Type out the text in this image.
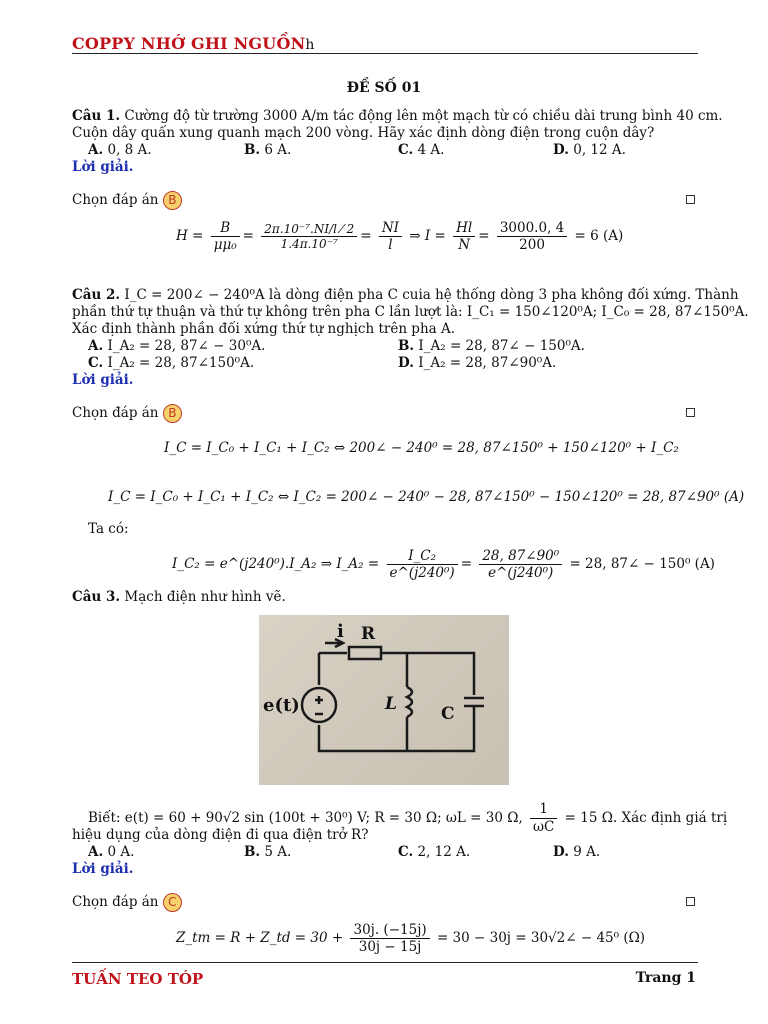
COPPY NHỚ GHI NGUỒNh
ĐỀ SỐ 01
Câu 1. Cường độ từ trường 3000 A/m tác động lên một mạch từ có chiều dài trung bình 40 cm.
Cuộn dây quấn xung quanh mạch 200 vòng. Hãy xác định dòng điện trong cuộn dây?
A. 0, 8 A.	B. 6 A.	C. 4 A.	D. 0, 12 A.
Lời giải.
Chọn đáp án B
$H = \frac{B}{\text{μμ₀}} = \frac{\text{2π.10⁻⁷.NI/l ⁄ 2}}{\text{1.4π.10⁻⁷}} = \frac{NI}{l}$ ⇒ $I = \frac{Hl}{N} = \frac{3000.0, 4}{200} = 6$ (A)
Câu 2. I_C = 200∠ − 240⁰A là dòng điện pha C cuia hệ thống dòng 3 pha không đối xứng. Thành
phần thứ tự thuận và thứ tự không trên pha C lần lượt là: I_C₁ = 150∠120⁰A; I_C₀ = 28, 87∠150⁰A.
Xác định thành phần đối xứng thứ tự nghịch trên pha A.
A. I_A₂ = 28, 87∠ − 30⁰A.	B. I_A₂ = 28, 87∠ − 150⁰A.
C. I_A₂ = 28, 87∠150⁰A.	D. I_A₂ = 28, 87∠90⁰A.
Lời giải.
Chọn đáp án B
I_C = I_C₀ + I_C₁ + I_C₂ ⇔ 200∠ − 240⁰ = 28, 87∠150⁰ + 150∠120⁰ + I_C₂
I_C = I_C₀ + I_C₁ + I_C₂ ⇔ I_C₂ = 200∠ − 240⁰ − 28, 87∠150⁰ − 150∠120⁰ = 28, 87∠90⁰ (A)
Ta có:
I_C₂ = e^(j240⁰).I_A₂ ⇒ I_A₂ = $\frac{\text{I\_C₂}}{\text{e\textasciicircum{}(j240⁰)}} = \frac{\text{28, 87∠90⁰}}{\text{e\textasciicircum{}(j240⁰)}} = 28$, 87∠ − 150⁰ (A)
Câu 3. Mạch điện như hình vẽ.
i R
e(t)	L	C
Biết: e(t) = 60 + 90√2 sin (100t + 30⁰) V; R = 30 Ω; ωL = 30 Ω, $\frac{1}{\omega C} = 15$ Ω. Xác định giá trị
hiệu dụng của dòng điện đi qua điện trở R?
A. 0 A.	B. 5 A.	C. 2, 12 A.	D. 9 A.
Lời giải.
Chọn đáp án C
Z_tm = R + Z_td = $30 + \frac{30j. (-15j)}{30j - 15j} = 30 - 30j$ = 30√2∠ − 45⁰ (Ω)
TUẤN TEO TÓP	Trang 1
